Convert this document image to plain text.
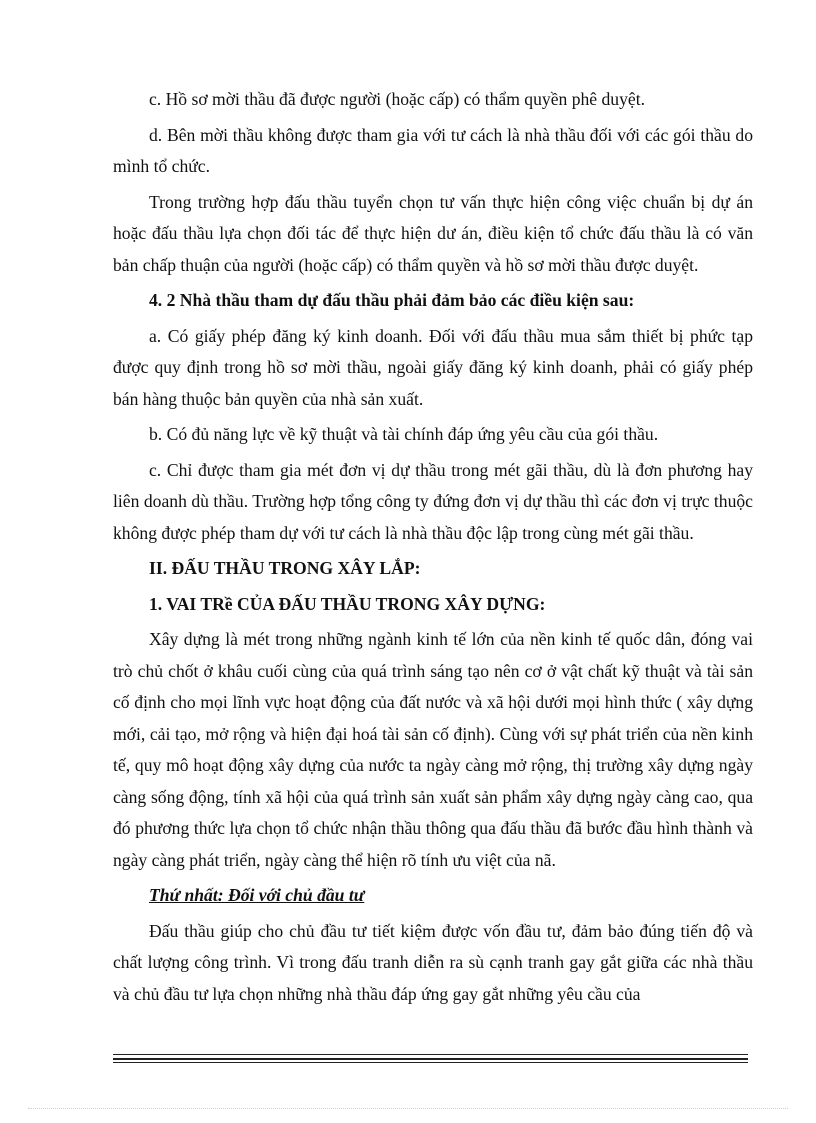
c. Hồ sơ mời thầu đã được người (hoặc cấp) có thẩm quyền phê duyệt.

d. Bên mời thầu không được tham gia với tư cách là nhà thầu đối với các gói thầu do mình tổ chức.

Trong trường hợp đấu thầu tuyển chọn tư vấn thực hiện công việc chuẩn bị dự án hoặc đấu thầu lựa chọn đối tác để thực hiện dư án, điều kiện tổ chức đấu thầu là có văn bản chấp thuận của người (hoặc cấp) có thẩm quyền và hồ sơ mời thầu được duyệt.

4. 2 Nhà thầu tham dự đấu thầu phải đảm bảo các điều kiện sau:

a. Có giấy phép đăng ký kinh doanh. Đối với đấu thầu mua sắm thiết bị phức tạp được quy định trong hồ sơ mời thầu, ngoài giấy đăng ký kinh doanh, phải có giấy phép bán hàng thuộc bản quyền của nhà sản xuất.

b. Có đủ năng lực về kỹ thuật và tài chính đáp ứng yêu cầu của gói thầu.

c. Chỉ được tham gia mét đơn vị dự thầu trong mét gãi thầu, dù là đơn phương hay liên doanh dù thầu. Trường hợp tổng công ty đứng đơn vị dự thầu thì các đơn vị trực thuộc không được phép tham dự với tư cách là nhà thầu độc lập trong cùng mét gãi thầu.

II. ĐẤU THẦU TRONG XÂY LẮP:

1. VAI TRề CỦA ĐẤU THẦU TRONG XÂY DỰNG:

Xây dựng là mét trong những ngành kinh tế lớn của nền kinh tế quốc dân, đóng vai trò chủ chốt ở khâu cuối cùng của quá trình sáng tạo nên cơ ở vật chất kỹ thuật và tài sản cố định cho mọi lĩnh vực hoạt động của đất nước và xã hội dưới mọi hình thức ( xây dựng mới, cải tạo, mở rộng và hiện đại hoá tài sản cố định). Cùng với sự phát triển của nền kinh tế, quy mô hoạt động xây dựng của nước ta ngày càng mở rộng, thị trường xây dựng ngày càng sống động, tính xã hội của quá trình sản xuất sản phẩm xây dựng ngày càng cao, qua đó phương thức lựa chọn tổ chức nhận thầu thông qua đấu thầu đã bước đầu hình thành và ngày càng phát triển, ngày càng thể hiện rõ tính ưu việt của nã.

Thứ nhất: Đối với chủ đầu tư

Đấu thầu giúp cho chủ đầu tư tiết kiệm được vốn đầu tư, đảm bảo đúng tiến độ và chất lượng công trình. Vì trong đấu tranh diễn ra sù cạnh tranh gay gắt giữa các nhà thầu và chủ đầu tư lựa chọn những nhà thầu đáp ứng gay gắt những yêu cầu của
